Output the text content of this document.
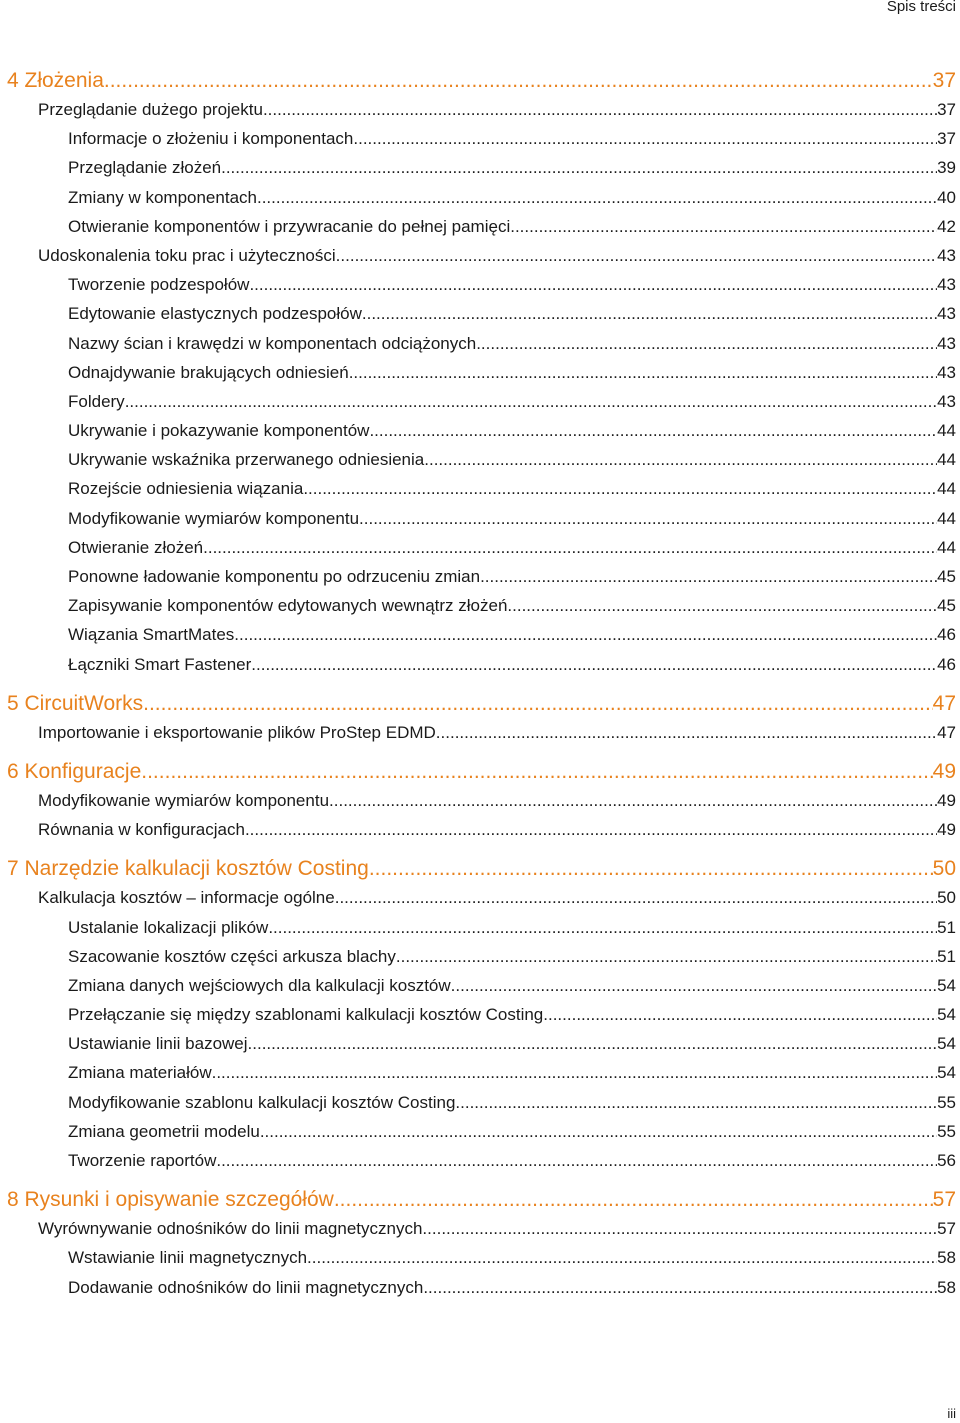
Spis treści
4 Złożenia .....	37
Przeglądanie dużego projektu .....	37
Informacje o złożeniu i komponentach .....	37
Przeglądanie złożeń .....	39
Zmiany w komponentach .....	40
Otwieranie komponentów i przywracanie do pełnej pamięci .....	42
Udoskonalenia toku prac i użyteczności .....	43
Tworzenie podzespołów .....	43
Edytowanie elastycznych podzespołów .....	43
Nazwy ścian i krawędzi w komponentach odciążonych .....	43
Odnajdywanie brakujących odniesień .....	43
Foldery .....	43
Ukrywanie i pokazywanie komponentów .....	44
Ukrywanie wskaźnika przerwanego odniesienia .....	44
Rozejście odniesienia wiązania .....	44
Modyfikowanie wymiarów komponentu .....	44
Otwieranie złożeń .....	44
Ponowne ładowanie komponentu po odrzuceniu zmian .....	45
Zapisywanie komponentów edytowanych wewnątrz złożeń .....	45
Wiązania SmartMates .....	46
Łączniki Smart Fastener .....	46
5 CircuitWorks .....	47
Importowanie i eksportowanie plików ProStep EDMD .....	47
6 Konfiguracje .....	49
Modyfikowanie wymiarów komponentu .....	49
Równania w konfiguracjach .....	49
7 Narzędzie kalkulacji kosztów Costing .....	50
Kalkulacja kosztów – informacje ogólne .....	50
Ustalanie lokalizacji plików .....	51
Szacowanie kosztów części arkusza blachy .....	51
Zmiana danych wejściowych dla kalkulacji kosztów .....	54
Przełączanie się między szablonami kalkulacji kosztów Costing .....	54
Ustawianie linii bazowej .....	54
Zmiana materiałów .....	54
Modyfikowanie szablonu kalkulacji kosztów Costing .....	55
Zmiana geometrii modelu .....	55
Tworzenie raportów .....	56
8 Rysunki i opisywanie szczegółów .....	57
Wyrównywanie odnośników do linii magnetycznych .....	57
Wstawianie linii magnetycznych .....	58
Dodawanie odnośników do linii magnetycznych .....	58
iii
